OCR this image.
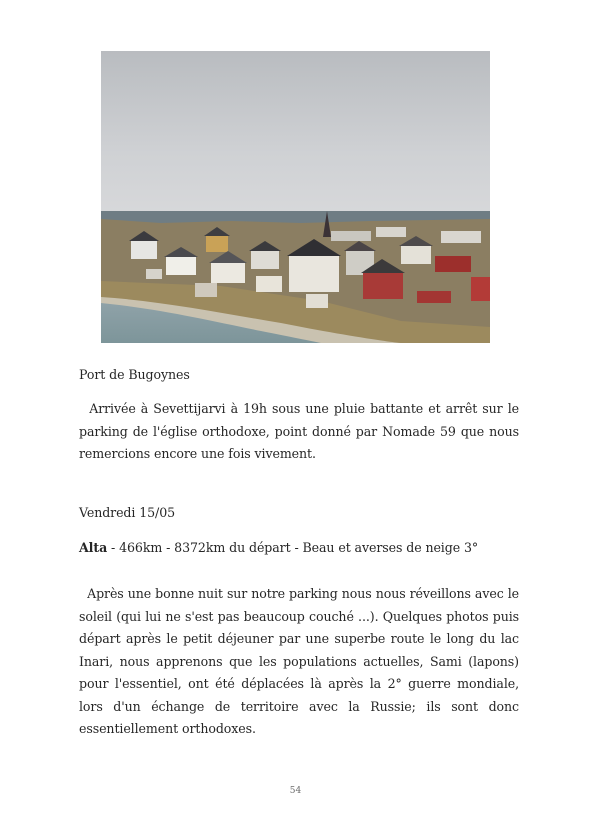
Port de Bugoynes
Arrivée à Sevettijarvi à 19h sous une pluie battante et arrêt sur le parking de l'église orthodoxe, point donné par Nomade 59 que nous remercions encore une fois vivement.
Vendredi 15/05
Alta - 466km - 8372km du départ - Beau et averses de neige 3°
Après une bonne nuit sur notre parking nous nous réveillons avec le soleil (qui lui ne s'est pas beaucoup couché ...). Quelques photos puis départ après le petit déjeuner par une superbe route le long du lac Inari, nous apprenons que les populations actuelles, Sami (lapons) pour l'essentiel, ont été déplacées là après la 2° guerre mondiale, lors d'un échange de territoire avec la Russie; ils sont donc essentiellement orthodoxes.
54
